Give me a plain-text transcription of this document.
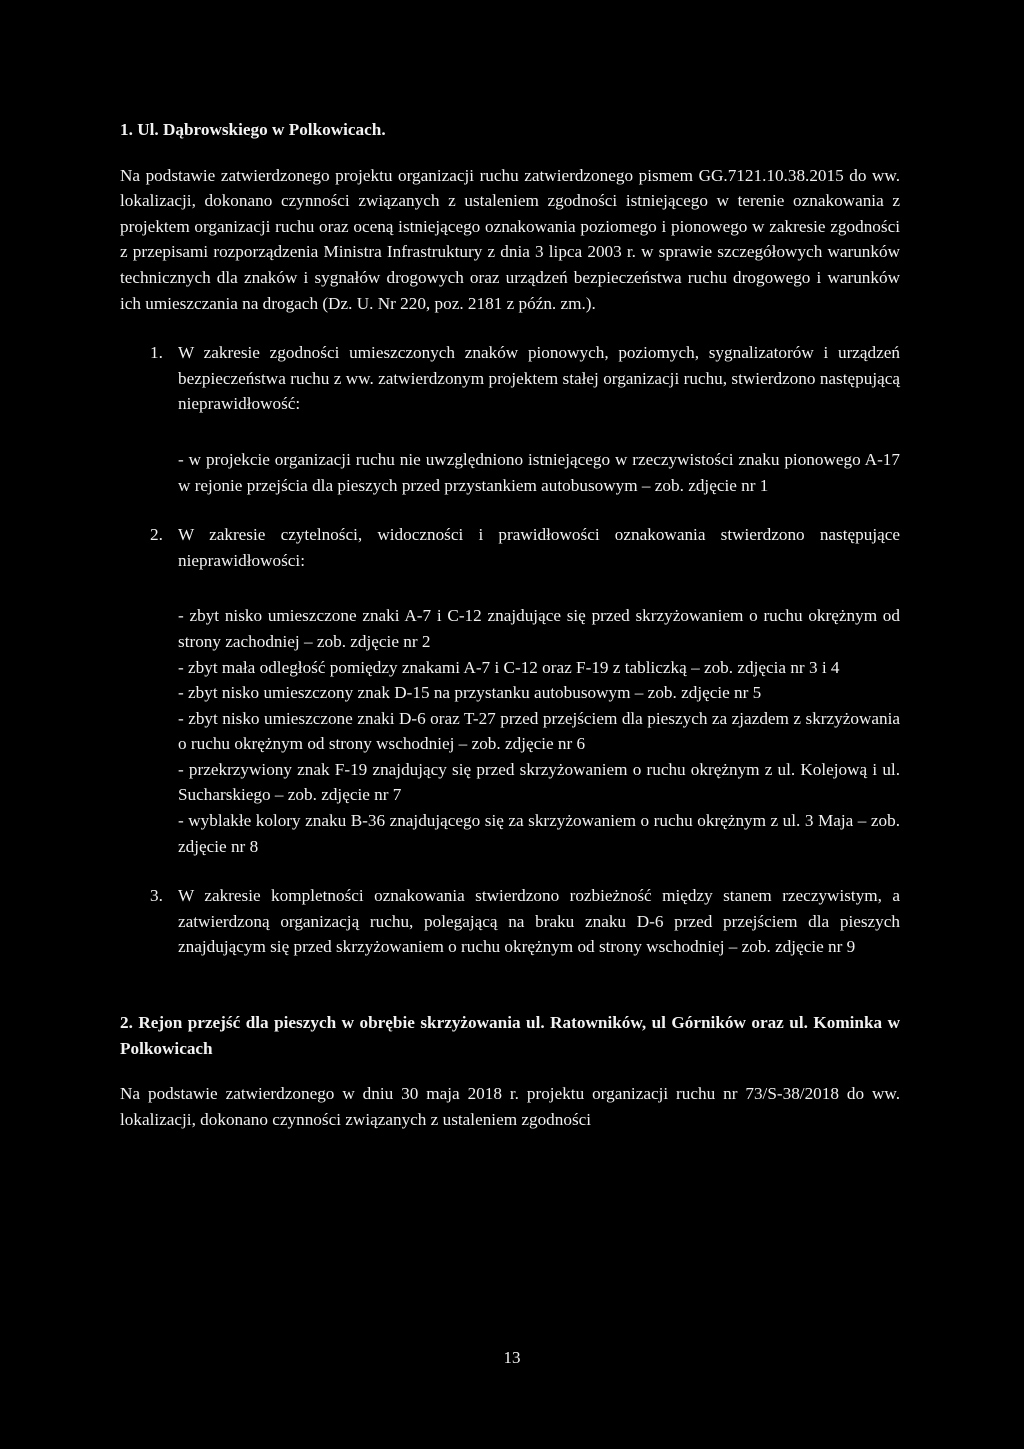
1. Ul. Dąbrowskiego w Polkowicach.

Na podstawie zatwierdzonego projektu organizacji ruchu zatwierdzonego pismem GG.7121.10.38.2015 do ww. lokalizacji, dokonano czynności związanych z ustaleniem zgodności istniejącego w terenie oznakowania z projektem organizacji ruchu oraz oceną istniejącego oznakowania poziomego i pionowego w zakresie zgodności z przepisami rozporządzenia Ministra Infrastruktury z dnia 3 lipca 2003 r. w sprawie szczegółowych warunków technicznych dla znaków i sygnałów drogowych oraz urządzeń bezpieczeństwa ruchu drogowego i warunków ich umieszczania na drogach (Dz. U. Nr 220, poz. 2181 z późn. zm.).

1. W zakresie zgodności umieszczonych znaków pionowych, poziomych, sygnalizatorów i urządzeń bezpieczeństwa ruchu z ww. zatwierdzonym projektem stałej organizacji ruchu, stwierdzono następującą nieprawidłowość:

- w projekcie organizacji ruchu nie uwzględniono istniejącego w rzeczywistości znaku pionowego A-17 w rejonie przejścia dla pieszych przed przystankiem autobusowym – zob. zdjęcie nr 1

2. W zakresie czytelności, widoczności i prawidłowości oznakowania stwierdzono następujące nieprawidłowości:

- zbyt nisko umieszczone znaki A-7 i C-12 znajdujące się przed skrzyżowaniem o ruchu okrężnym od strony zachodniej – zob. zdjęcie nr 2

- zbyt mała odległość pomiędzy znakami A-7 i C-12 oraz F-19 z tabliczką – zob. zdjęcia nr 3 i 4

- zbyt nisko umieszczony znak D-15 na przystanku autobusowym – zob. zdjęcie nr 5

- zbyt nisko umieszczone znaki D-6 oraz T-27 przed przejściem dla pieszych za zjazdem z skrzyżowania o ruchu okrężnym od strony wschodniej – zob. zdjęcie nr 6

- przekrzywiony znak F-19 znajdujący się przed skrzyżowaniem o ruchu okrężnym z ul. Kolejową i ul. Sucharskiego – zob. zdjęcie nr 7

- wyblakłe kolory znaku B-36 znajdującego się za skrzyżowaniem o ruchu okrężnym z ul. 3 Maja – zob. zdjęcie nr 8

3. W zakresie kompletności oznakowania stwierdzono rozbieżność między stanem rzeczywistym, a zatwierdzoną organizacją ruchu, polegającą na braku znaku D-6 przed przejściem dla pieszych znajdującym się przed skrzyżowaniem o ruchu okrężnym od strony wschodniej – zob. zdjęcie nr 9

2. Rejon przejść dla pieszych w obrębie skrzyżowania ul. Ratowników, ul Górników oraz ul. Kominka w Polkowicach

Na podstawie zatwierdzonego w dniu 30 maja 2018 r. projektu organizacji ruchu nr 73/S-38/2018 do ww. lokalizacji, dokonano czynności związanych z ustaleniem zgodności

13
